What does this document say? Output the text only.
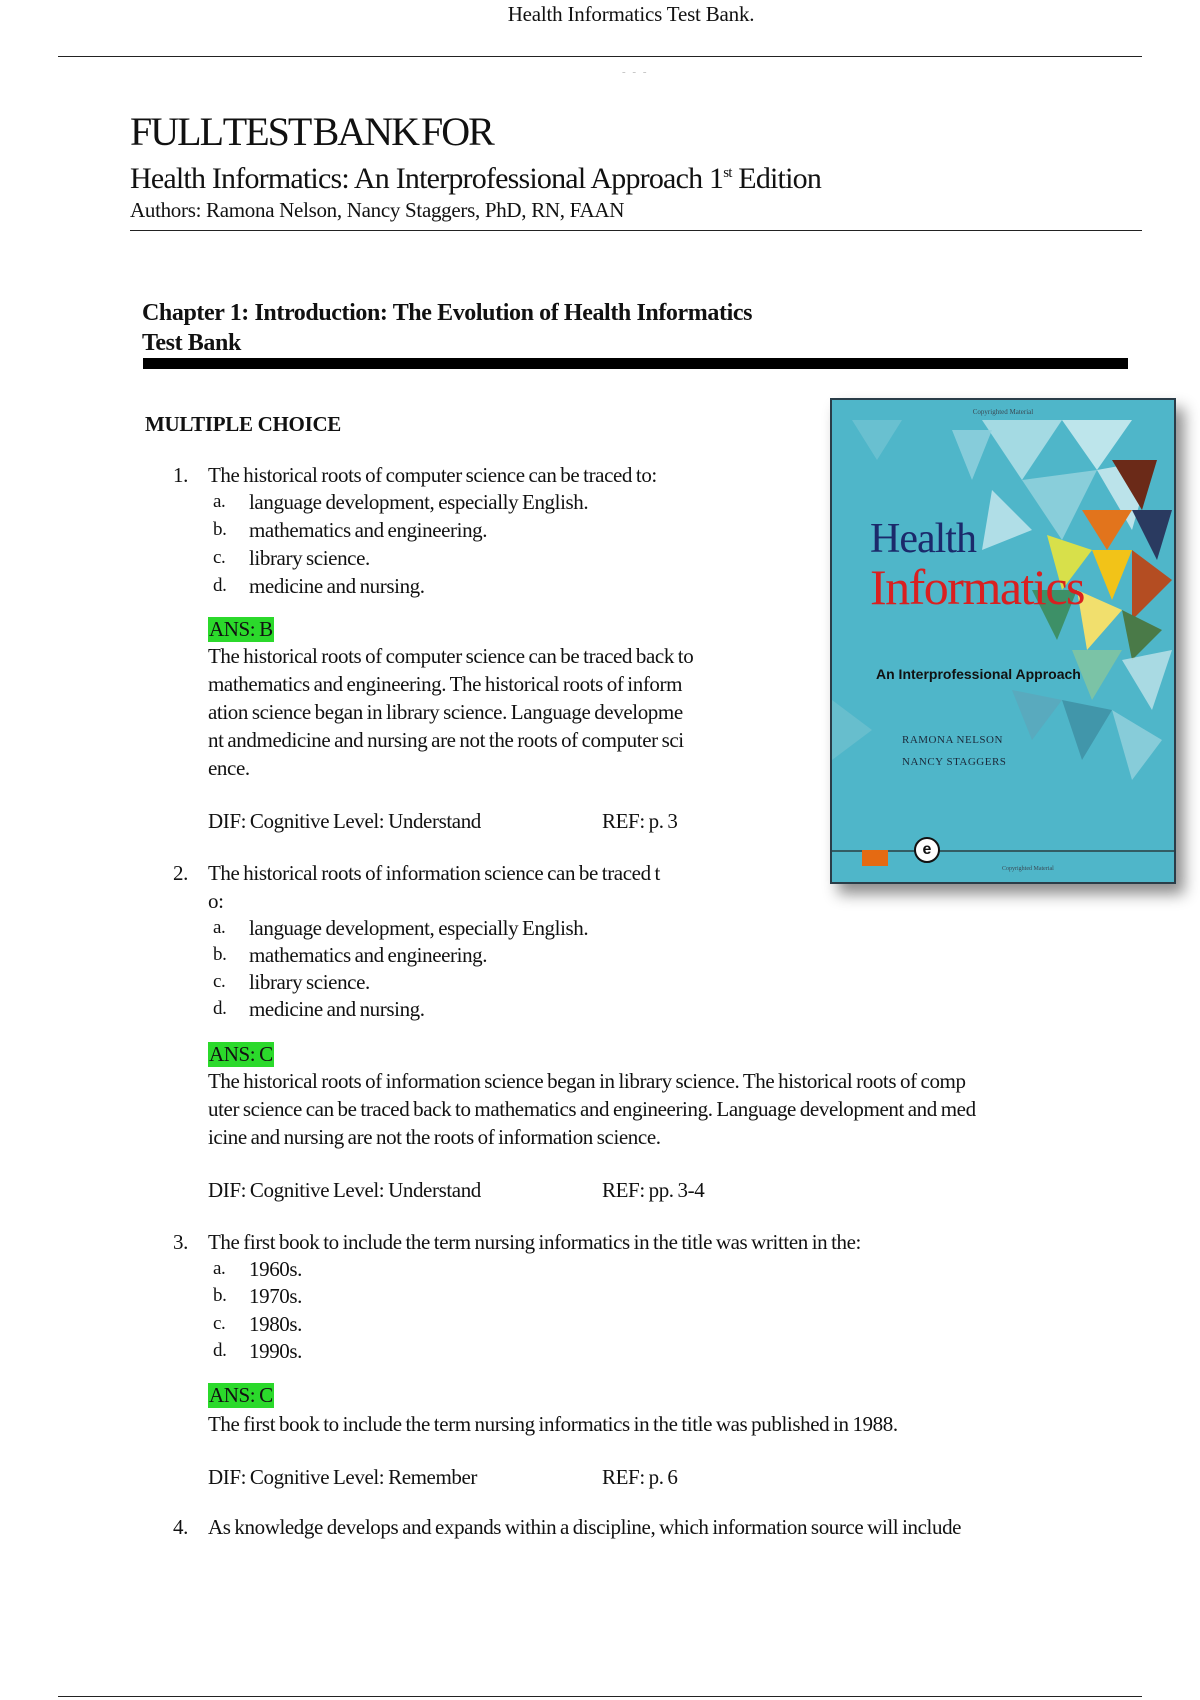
Health Informatics Test Bank.
- - -
FULL TEST BANK FOR
Health Informatics: An Interprofessional Approach 1st Edition
Authors: Ramona Nelson, Nancy Staggers, PhD, RN, FAAN
Chapter 1: Introduction: The Evolution of Health Informatics
Test Bank
MULTIPLE CHOICE	Copyrighted Material
Health
Informatics
An Interprofessional Approach
RAMONA NELSON
NANCY STAGGERS
e
Copyrighted Material
1. The historical roots of computer science can be traced to:
a. language development, especially English.
b. mathematics and engineering.
c. library science.
d. medicine and nursing.
ANS: B
The historical roots of computer science can be traced back to
mathematics and engineering. The historical roots of inform
ation science began in library science. Language developme
nt andmedicine and nursing are not the roots of computer sci
ence.
DIF: Cognitive Level: Understand	REF: p. 3
2. The historical roots of information science can be traced t
o:
a. language development, especially English.
b. mathematics and engineering.
c. library science.
d. medicine and nursing.
ANS: C
The historical roots of information science began in library science. The historical roots of comp
uter science can be traced back to mathematics and engineering. Language development and med
icine and nursing are not the roots of information science.
DIF: Cognitive Level: Understand	REF: pp. 3-4
3. The first book to include the term nursing informatics in the title was written in the:
a. 1960s.
b. 1970s.
c. 1980s.
d. 1990s.
ANS: C
The first book to include the term nursing informatics in the title was published in 1988.
DIF: Cognitive Level: Remember	REF: p. 6
4. As knowledge develops and expands within a discipline, which information source will include
